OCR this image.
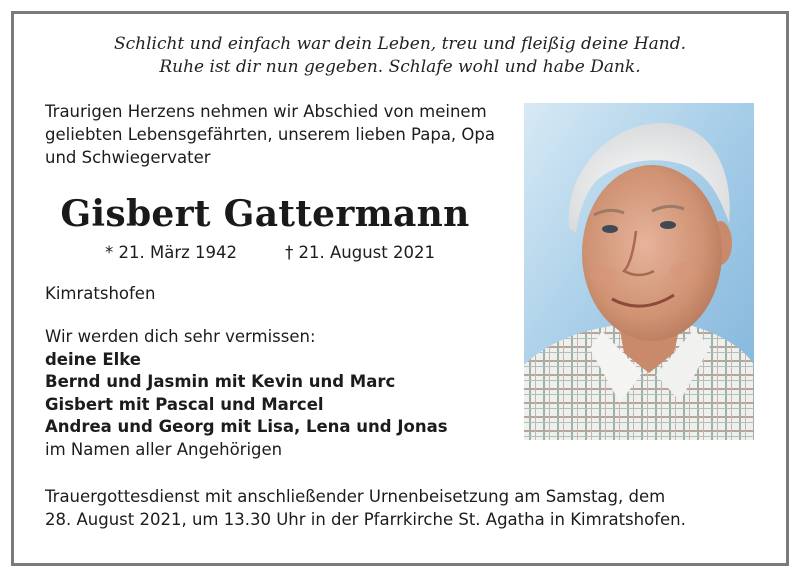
Schlicht und einfach war dein Leben, treu und fleißig deine Hand.
Ruhe ist dir nun gegeben. Schlafe wohl und habe Dank.
Traurigen Herzens nehmen wir Abschied von meinem
geliebten Lebensgefährten, unserem lieben Papa, Opa
und Schwiegervater
Gisbert Gattermann
* 21. März 1942	† 21. August 2021
Kimratshofen
Wir werden dich sehr vermissen:
deine Elke
Bernd und Jasmin mit Kevin und Marc
Gisbert mit Pascal und Marcel
Andrea und Georg mit Lisa, Lena und Jonas
im Namen aller Angehörigen
Trauergottesdienst mit anschließender Urnenbeisetzung am Samstag, dem
28. August 2021, um 13.30 Uhr in der Pfarrkirche St. Agatha in Kimratshofen.
